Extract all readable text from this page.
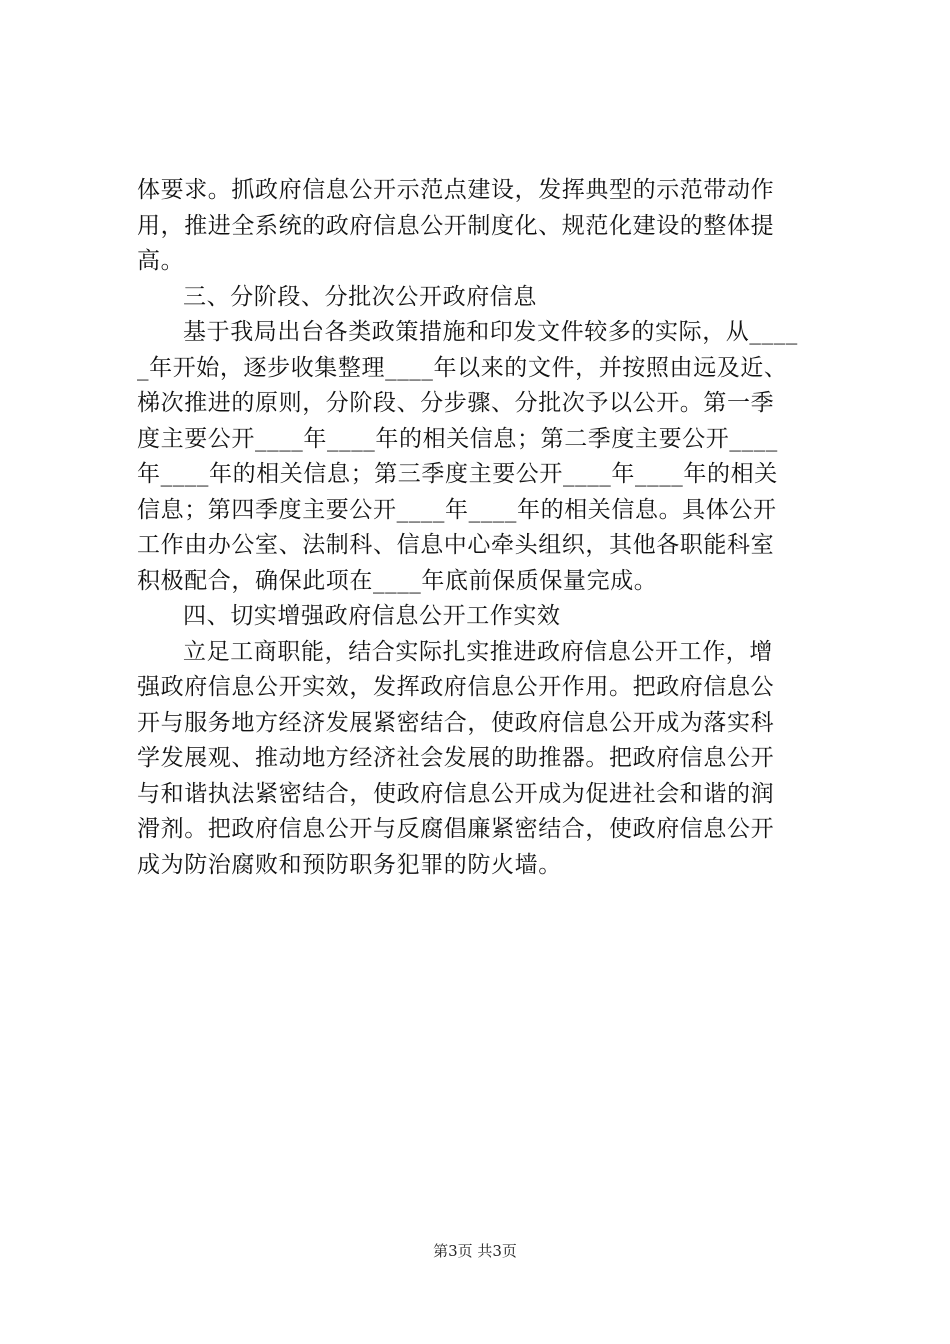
体要求。抓政府信息公开示范点建设，发挥典型的示范带动作
用，推进全系统的政府信息公开制度化、规范化建设的整体提
高。
三、分阶段、分批次公开政府信息
基于我局出台各类政策措施和印发文件较多的实际，从____
_年开始，逐步收集整理____年以来的文件，并按照由远及近、
梯次推进的原则，分阶段、分步骤、分批次予以公开。第一季
度主要公开____年____年的相关信息；第二季度主要公开____
年____年的相关信息；第三季度主要公开____年____年的相关
信息；第四季度主要公开____年____年的相关信息。具体公开
工作由办公室、法制科、信息中心牵头组织，其他各职能科室
积极配合，确保此项在____年底前保质保量完成。
四、切实增强政府信息公开工作实效
立足工商职能，结合实际扎实推进政府信息公开工作，增
强政府信息公开实效，发挥政府信息公开作用。把政府信息公
开与服务地方经济发展紧密结合，使政府信息公开成为落实科
学发展观、推动地方经济社会发展的助推器。把政府信息公开
与和谐执法紧密结合，使政府信息公开成为促进社会和谐的润
滑剂。把政府信息公开与反腐倡廉紧密结合，使政府信息公开
成为防治腐败和预防职务犯罪的防火墙。
第3页 共3页
